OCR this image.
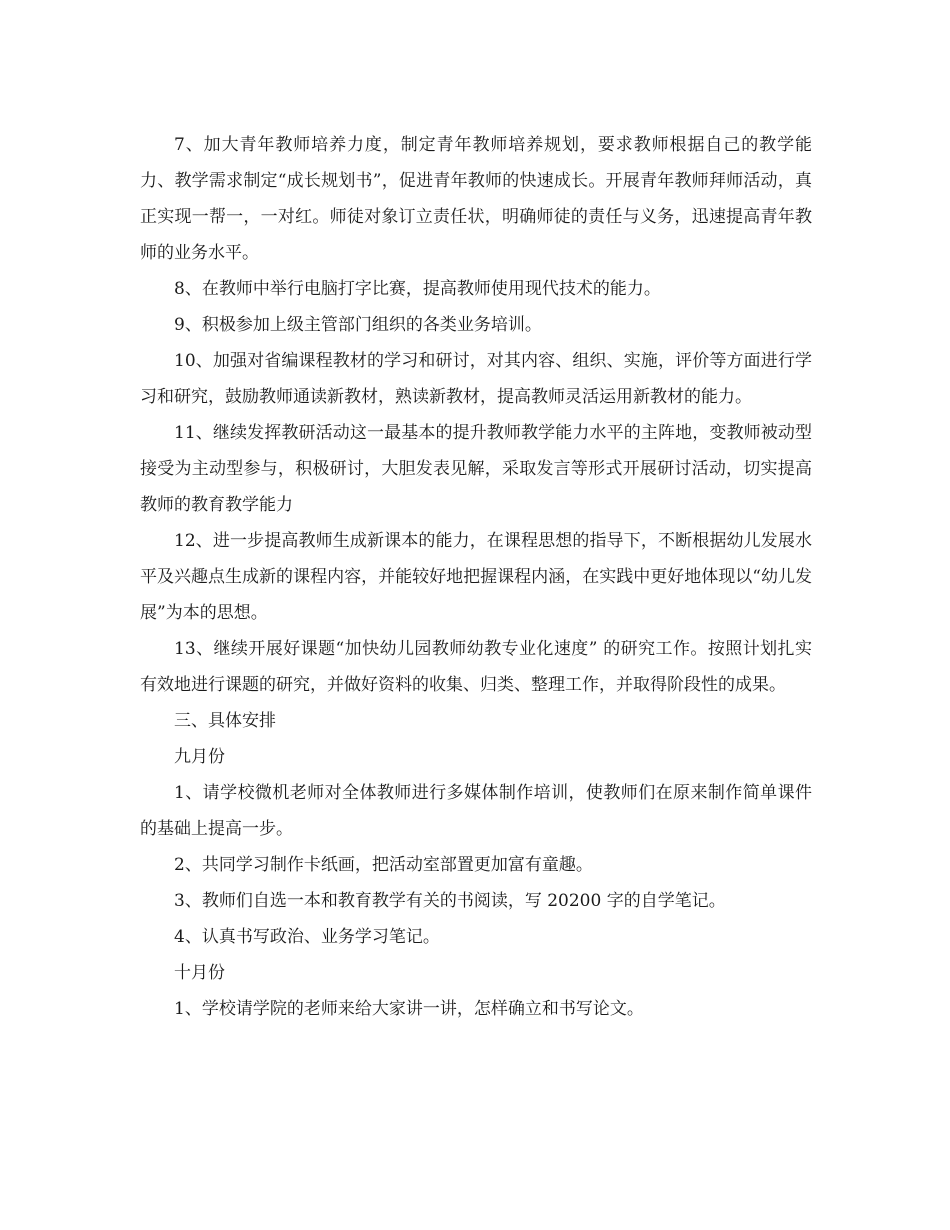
7、加大青年教师培养力度，制定青年教师培养规划，要求教师根据自己的教学能力、教学需求制定“成长规划书”，促进青年教师的快速成长。开展青年教师拜师活动，真正实现一帮一，一对红。师徒对象订立责任状，明确师徒的责任与义务，迅速提高青年教师的业务水平。

8、在教师中举行电脑打字比赛，提高教师使用现代技术的能力。

9、积极参加上级主管部门组织的各类业务培训。

10、加强对省编课程教材的学习和研讨，对其内容、组织、实施，评价等方面进行学习和研究，鼓励教师通读新教材，熟读新教材，提高教师灵活运用新教材的能力。

11、继续发挥教研活动这一最基本的提升教师教学能力水平的主阵地，变教师被动型接受为主动型参与，积极研讨，大胆发表见解，采取发言等形式开展研讨活动，切实提高教师的教育教学能力

12、进一步提高教师生成新课本的能力，在课程思想的指导下，不断根据幼儿发展水平及兴趣点生成新的课程内容，并能较好地把握课程内涵，在实践中更好地体现以“幼儿发展”为本的思想。

13、继续开展好课题“加快幼儿园教师幼教专业化速度” 的研究工作。按照计划扎实有效地进行课题的研究，并做好资料的收集、归类、整理工作，并取得阶段性的成果。

三、具体安排

九月份

1、请学校微机老师对全体教师进行多媒体制作培训，使教师们在原来制作简单课件的基础上提高一步。

2、共同学习制作卡纸画，把活动室部置更加富有童趣。

3、教师们自选一本和教育教学有关的书阅读，写 20200 字的自学笔记。

4、认真书写政治、业务学习笔记。

十月份

1、学校请学院的老师来给大家讲一讲，怎样确立和书写论文。
